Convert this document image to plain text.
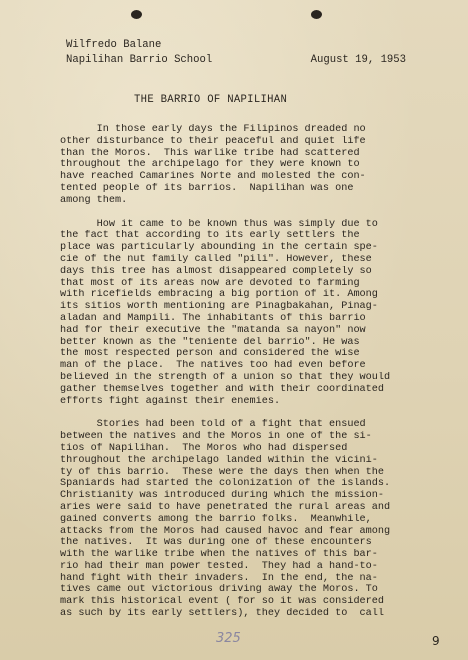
Wilfredo Balane
Napilihan Barrio School	August 19, 1953
THE BARRIO OF NAPILIHAN
In those early days the Filipinos dreaded no
other disturbance to their peaceful and quiet life
than the Moros.  This warlike tribe had scattered
throughout the archipelago for they were known to
have reached Camarines Norte and molested the con-
tented people of its barrios.  Napilihan was one
among them.
How it came to be known thus was simply due to
the fact that according to its early settlers the
place was particularly abounding in the certain spe-
cie of the nut family called "pili". However, these
days this tree has almost disappeared completely so
that most of its areas now are devoted to farming
with ricefields embracing a big portion of it. Among
its sitios worth mentioning are Pinagbakahan, Pinag-
aladan and Mampili. The inhabitants of this barrio
had for their executive the "matanda sa nayon" now
better known as the "teniente del barrio". He was
the most respected person and considered the wise
man of the place.  The natives too had even before
believed in the strength of a union so that they would
gather themselves together and with their coordinated
efforts fight against their enemies.
Stories had been told of a fight that ensued
between the natives and the Moros in one of the si-
tios of Napilihan.  The Moros who had dispersed
throughout the archipelago landed within the vicini-
ty of this barrio.  These were the days then when the
Spaniards had started the colonization of the islands.
Christianity was introduced during which the mission-
aries were said to have penetrated the rural areas and
gained converts among the barrio folks.  Meanwhile,
attacks from the Moros had caused havoc and fear among
the natives.  It was during one of these encounters
with the warlike tribe when the natives of this bar-
rio had their man power tested.  They had a hand-to-
hand fight with their invaders.  In the end, the na-
tives came out victorious driving away the Moros. To
mark this historical event ( for so it was considered
as such by its early settlers), they decided to  call
325	9
